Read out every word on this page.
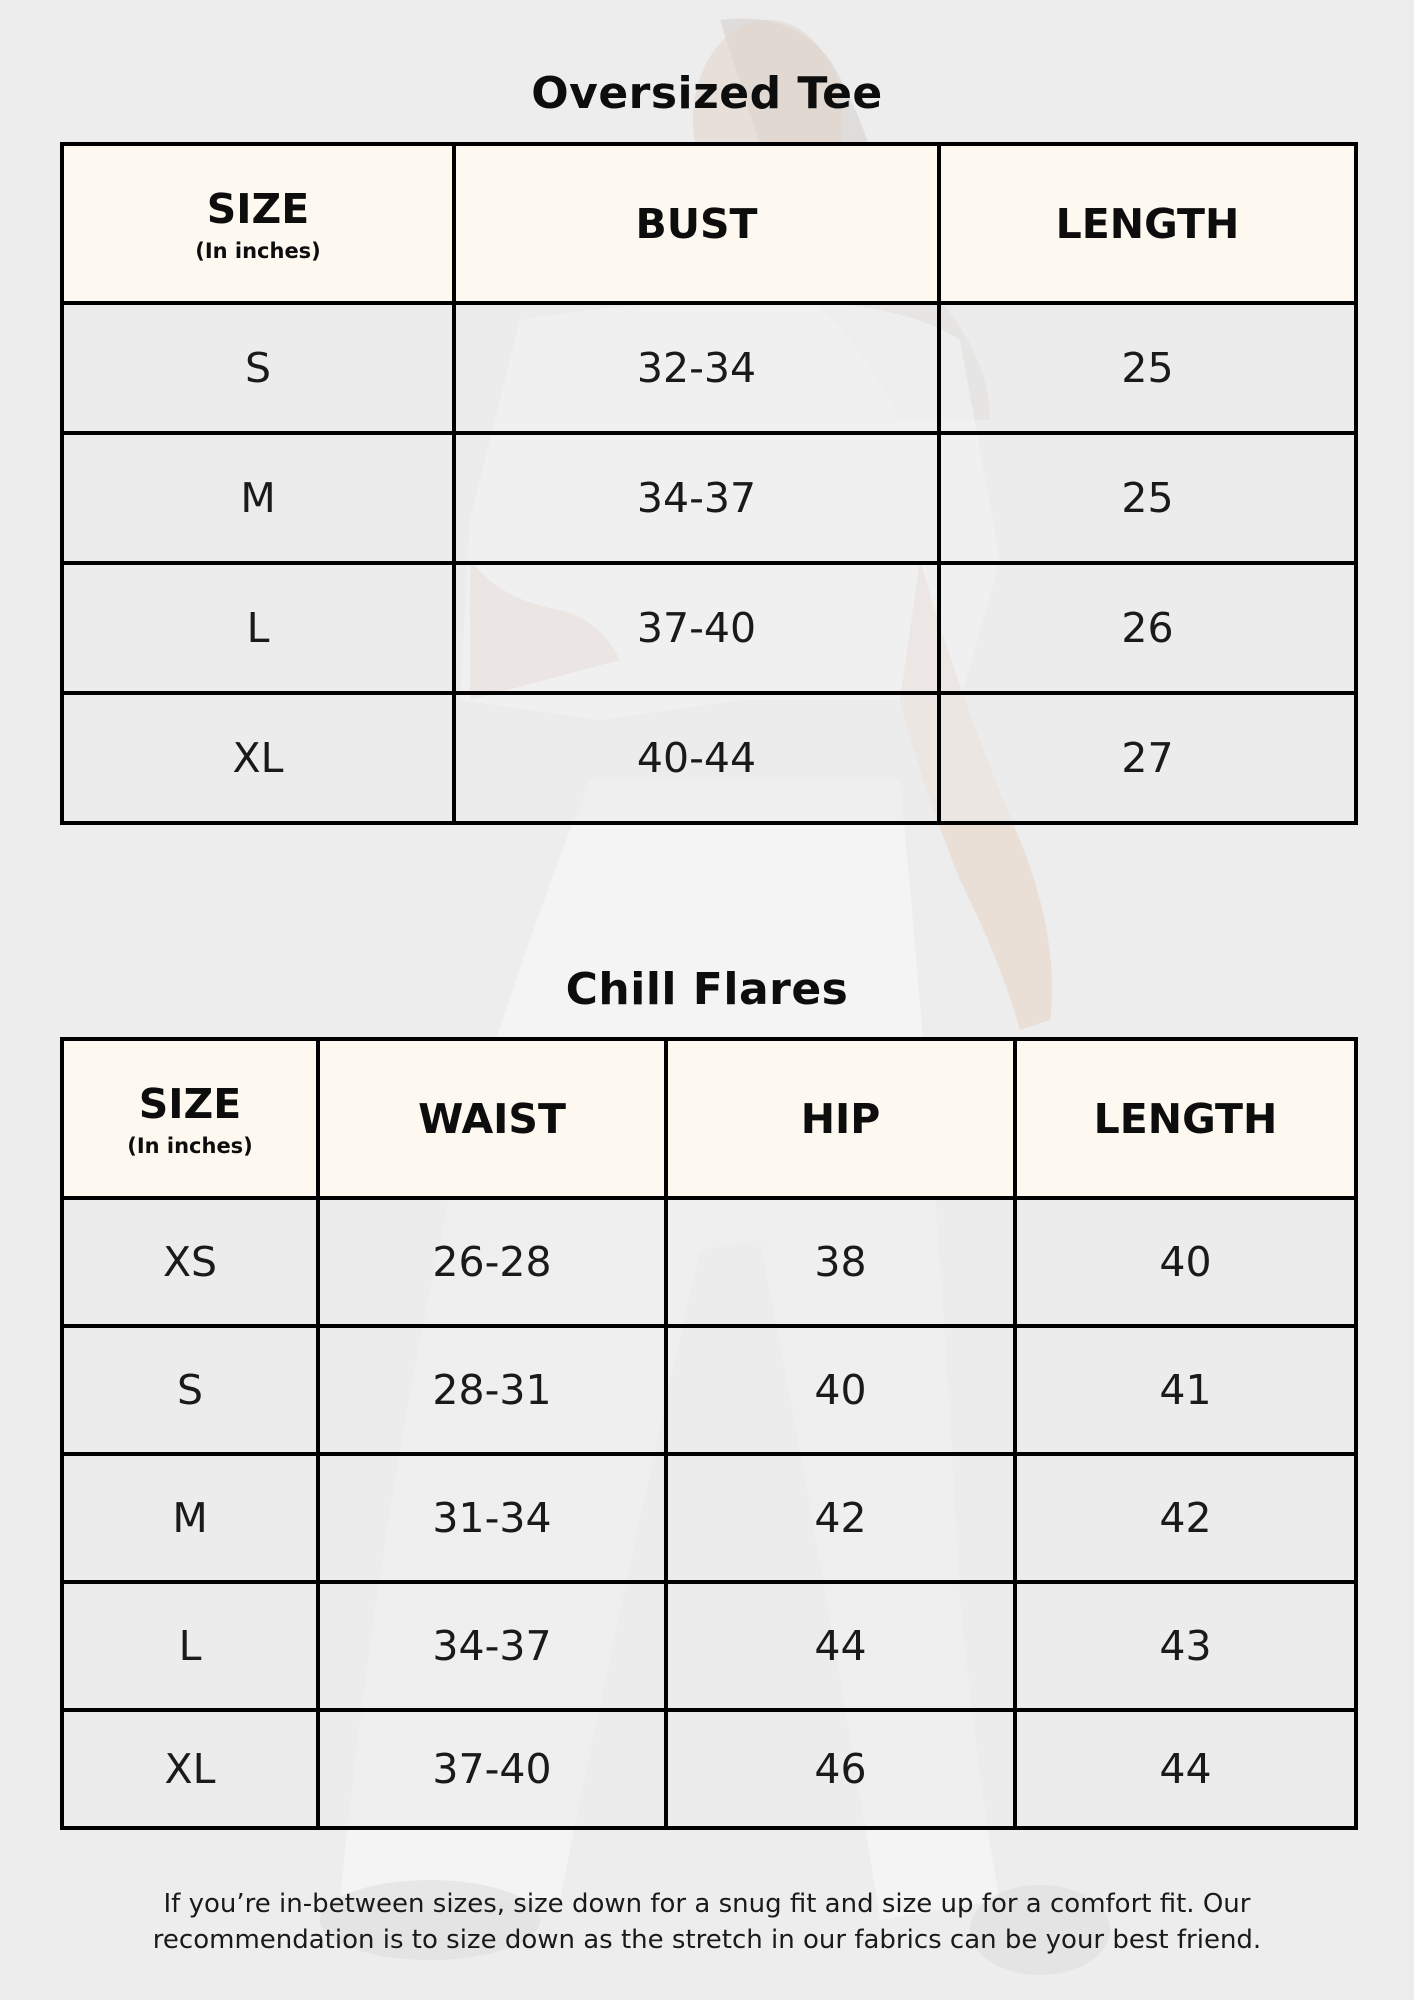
Oversized Tee
SIZE
(In inches)	BUST	LENGTH
S	32-34	25
M	34-37	25
L	37-40	26
XL	40-44	27
Chill Flares
SIZE
(In inches)	WAIST	HIP	LENGTH
XS	26-28	38	40
S	28-31	40	41
M	31-34	42	42
L	34-37	44	43
XL	37-40	46	44

If you’re in-between sizes, size down for a snug fit and size up for a comfort fit. Our
recommendation is to size down as the stretch in our fabrics can be your best friend.
